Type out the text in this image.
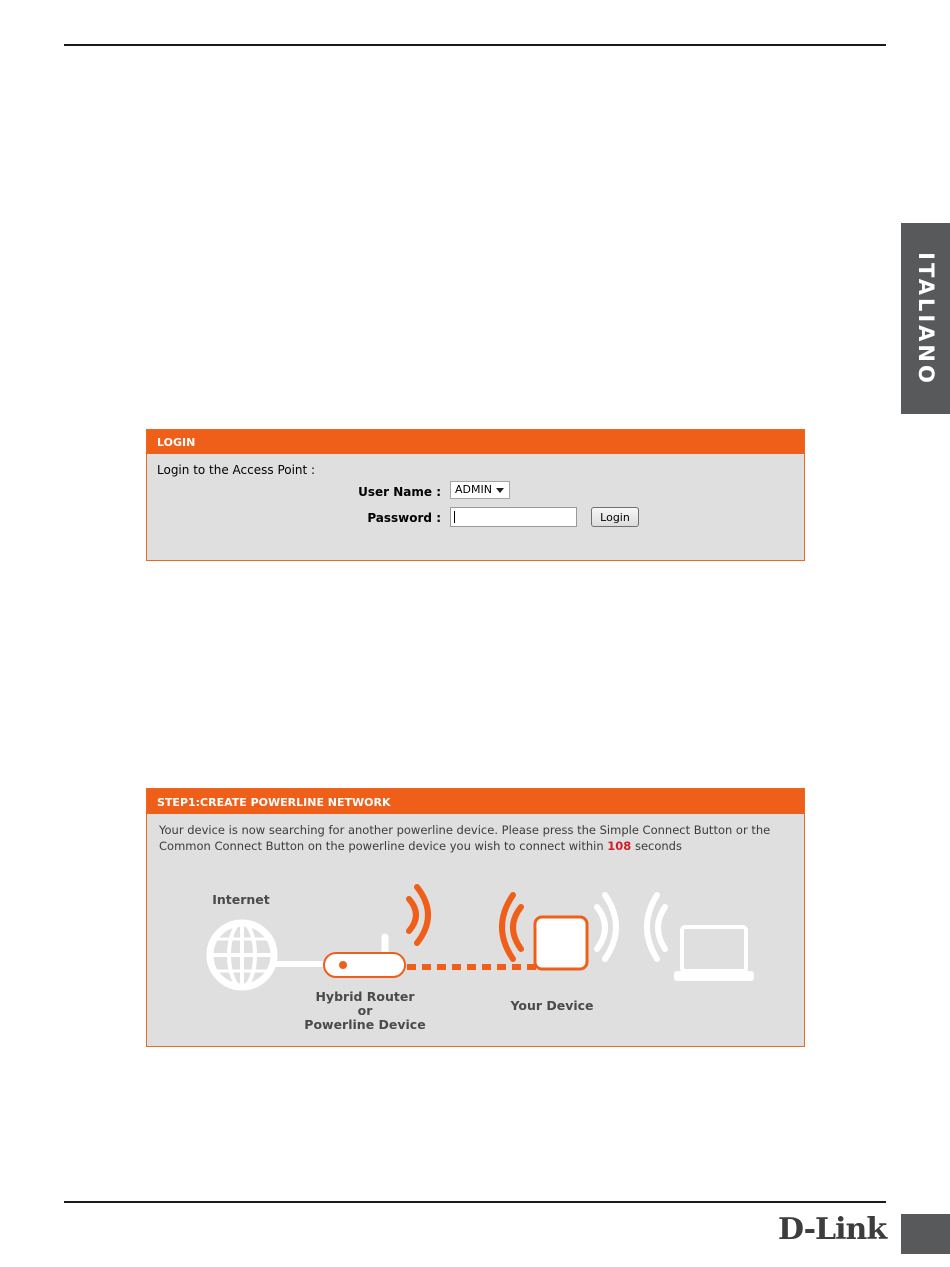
ITALIANO
LOGIN
Login to the Access Point :
User Name :	ADMIN
Password :	Login
STEP1:CREATE POWERLINE NETWORK
Your device is now searching for another powerline device. Please press the Simple Connect Button or the Common Connect Button on the powerline device you wish to connect within 108 seconds
Internet
Hybrid Router
or
Powerline Device
Your Device
D-Link
